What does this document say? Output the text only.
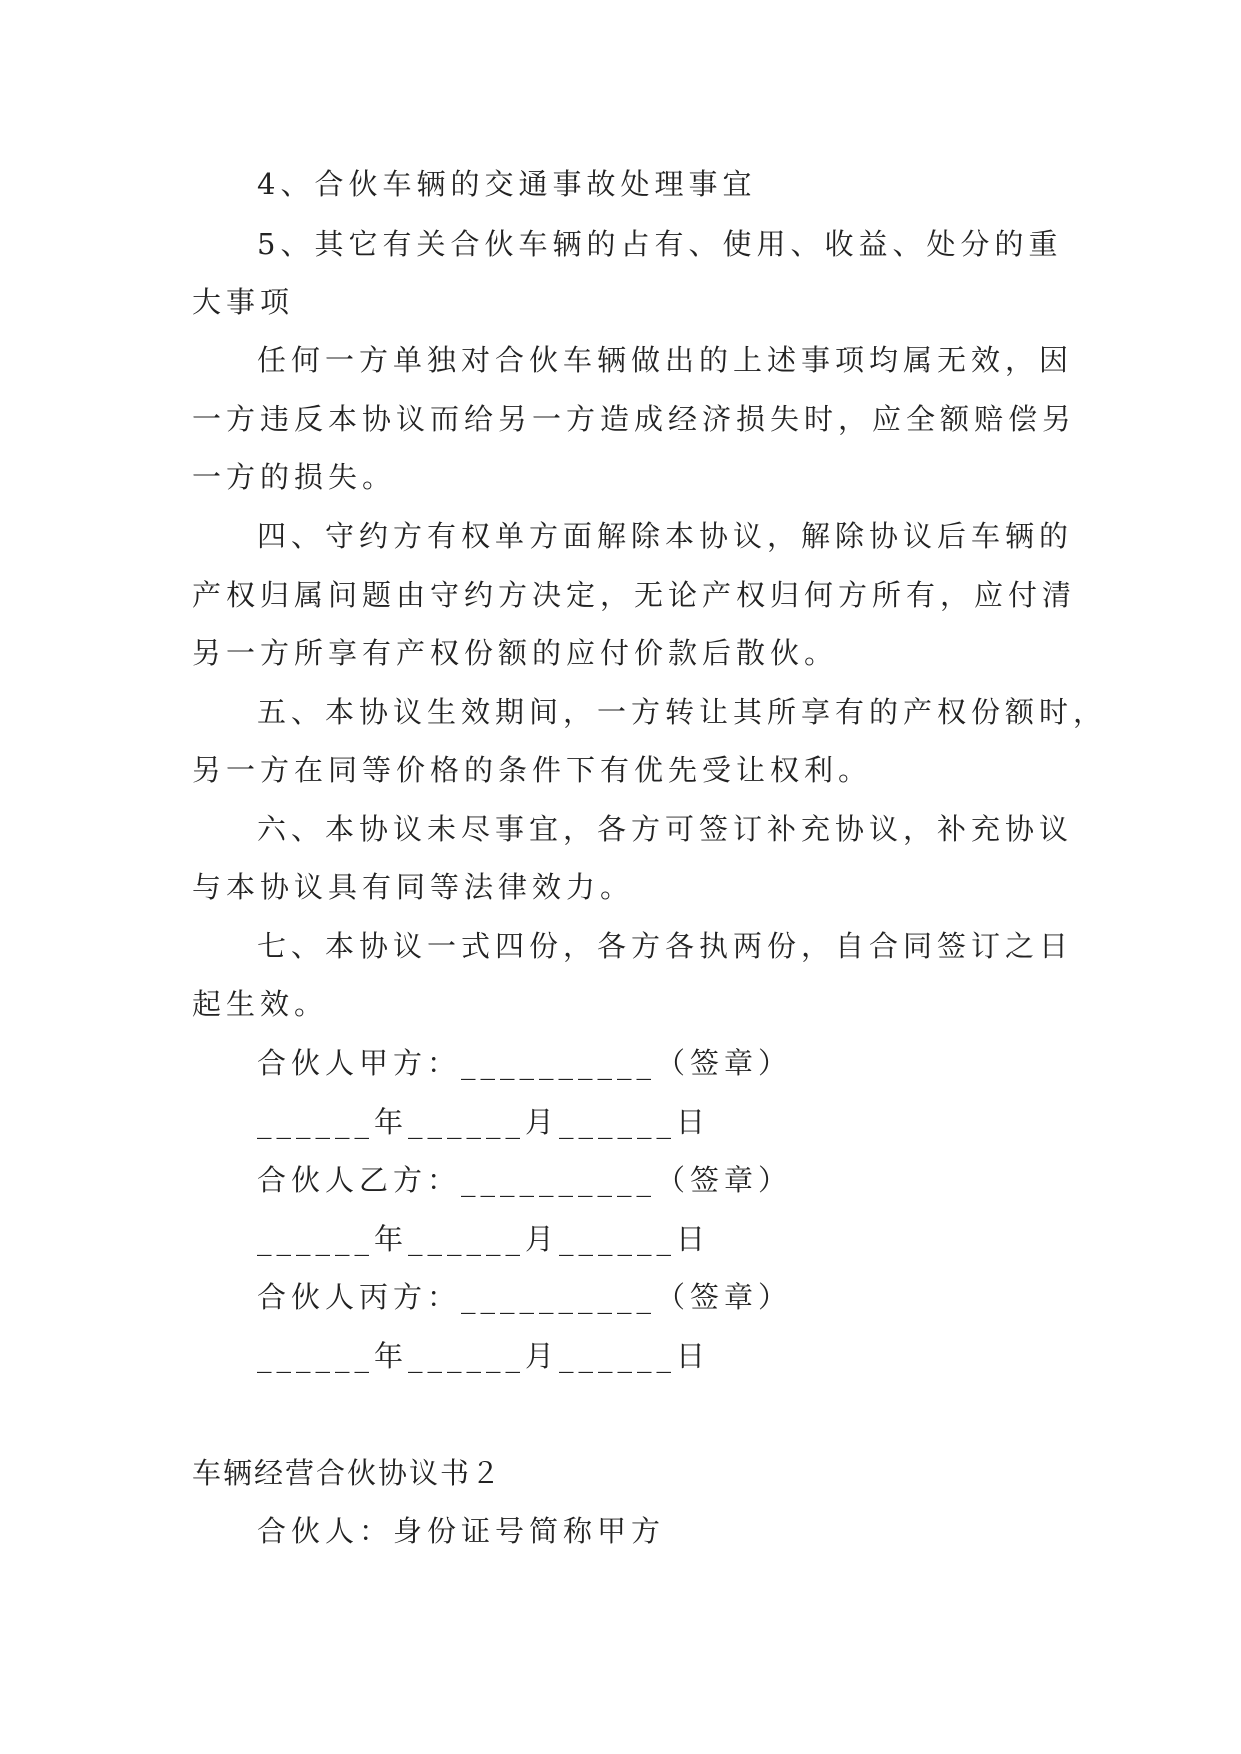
4、合伙车辆的交通事故处理事宜

5、其它有关合伙车辆的占有、使用、收益、处分的重

大事项

任何一方单独对合伙车辆做出的上述事项均属无效，因

一方违反本协议而给另一方造成经济损失时，应全额赔偿另

一方的损失。

四、守约方有权单方面解除本协议，解除协议后车辆的

产权归属问题由守约方决定，无论产权归何方所有，应付清

另一方所享有产权份额的应付价款后散伙。

五、本协议生效期间，一方转让其所享有的产权份额时，

另一方在同等价格的条件下有优先受让权利。

六、本协议未尽事宜，各方可签订补充协议，补充协议

与本协议具有同等法律效力。

七、本协议一式四份，各方各执两份，自合同签订之日

起生效。

合伙人甲方：__________（签章）

______年______月______日

合伙人乙方：__________（签章）

______年______月______日

合伙人丙方：__________（签章）

______年______月______日

车辆经营合伙协议书２

合伙人：身份证号简称甲方
